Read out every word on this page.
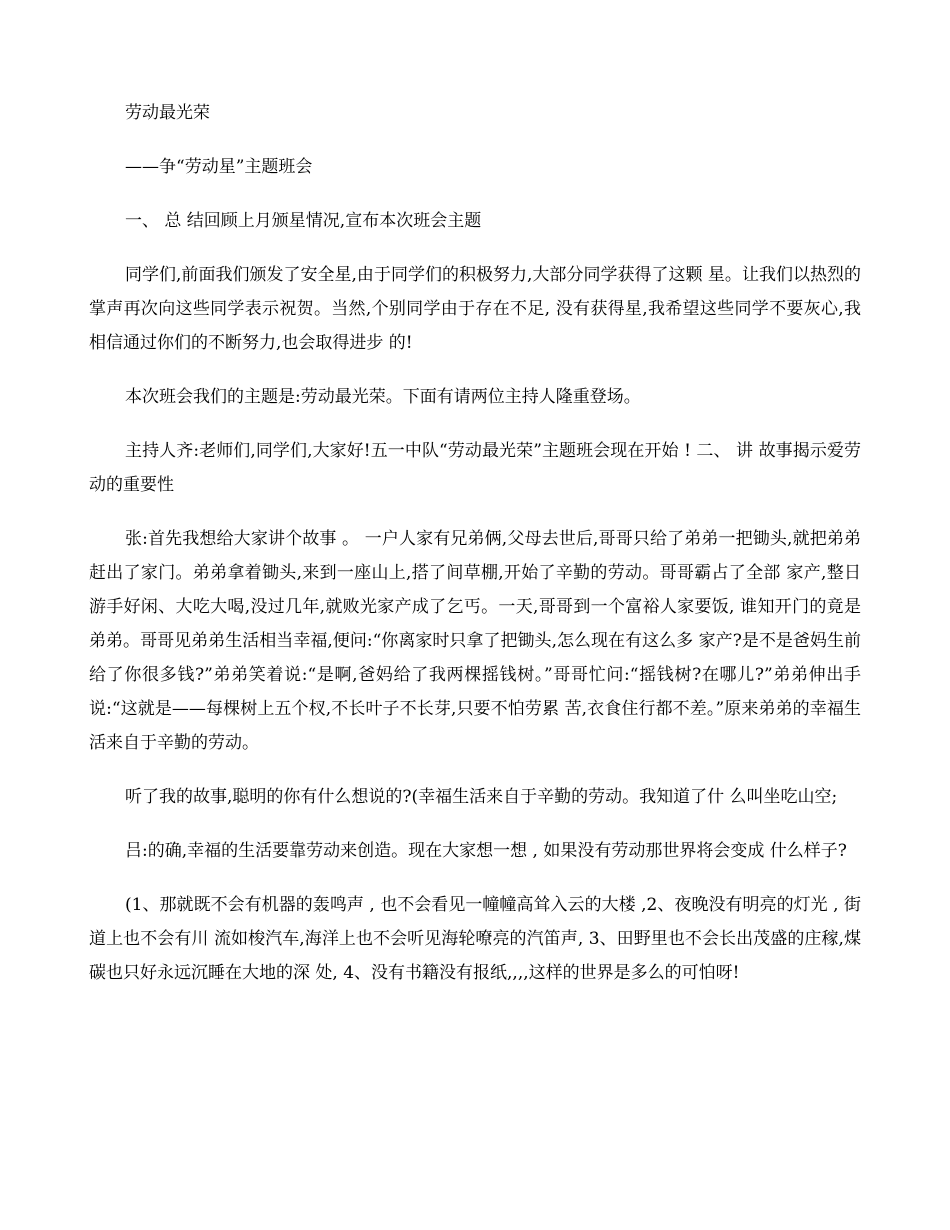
劳动最光荣

——争“劳动星”主题班会

一、 总 结回顾上月颁星情况,宣布本次班会主题

同学们,前面我们颁发了安全星,由于同学们的积极努力,大部分同学获得了这颗 星。让我们以热烈的掌声再次向这些同学表示祝贺。当然,个别同学由于存在不足, 没有获得星,我希望这些同学不要灰心,我相信通过你们的不断努力,也会取得进步 的!

本次班会我们的主题是:劳动最光荣。下面有请两位主持人隆重登场。

主持人齐:老师们,同学们,大家好!五一中队“劳动最光荣”主题班会现在开始 ! 二、 讲 故事揭示爱劳动的重要性

张:首先我想给大家讲个故事 。 一户人家有兄弟俩,父母去世后,哥哥只给了弟弟一把锄头,就把弟弟赶出了家门。弟弟拿着锄头,来到一座山上,搭了间草棚,开始了辛勤的劳动。哥哥霸占了全部 家产,整日游手好闲、大吃大喝,没过几年,就败光家产成了乞丐。一天,哥哥到一个富裕人家要饭, 谁知开门的竟是弟弟。哥哥见弟弟生活相当幸福,便问:“你离家时只拿了把锄头,怎么现在有这么多 家产?是不是爸妈生前给了你很多钱?”弟弟笑着说:“是啊,爸妈给了我两棵摇钱树。”哥哥忙问:“摇钱树?在哪儿?”弟弟伸出手说:“这就是——每棵树上五个杈,不长叶子不长芽,只要不怕劳累 苦,衣食住行都不差。”原来弟弟的幸福生活来自于辛勤的劳动。

听了我的故事,聪明的你有什么想说的?(幸福生活来自于辛勤的劳动。我知道了什 么叫坐吃山空;

吕:的确,幸福的生活要靠劳动来创造。现在大家想一想 , 如果没有劳动那世界将会变成 什么样子?

(1、那就既不会有机器的轰鸣声 , 也不会看见一幢幢高耸入云的大楼 ,2、夜晚没有明亮的灯光 , 街道上也不会有川 流如梭汽车,海洋上也不会听见海轮嘹亮的汽笛声, 3、田野里也不会长出茂盛的庄稼,煤碳也只好永远沉睡在大地的深 处, 4、没有书籍没有报纸,,,,这样的世界是多么的可怕呀!
